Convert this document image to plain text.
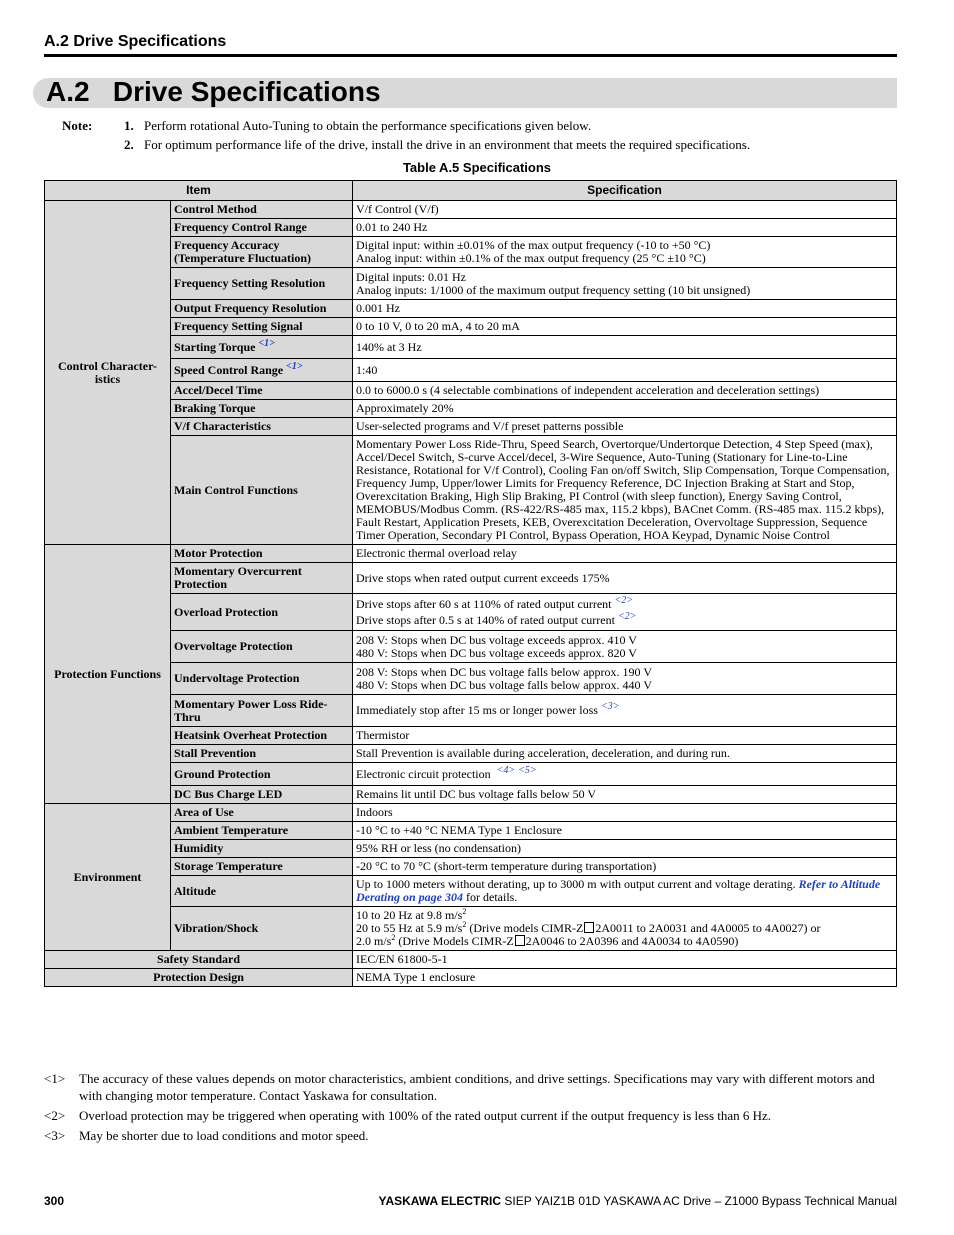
A.2 Drive Specifications
A.2   Drive Specifications
Note:	1. Perform rotational Auto-Tuning to obtain the performance specifications given below.
2. For optimum performance life of the drive, install the drive in an environment that meets the required specifications.
Table A.5 Specifications
Item		Specification
Control Character-istics	Control Method	V/f Control (V/f)
	Frequency Control Range	0.01 to 240 Hz
	Frequency Accuracy (Temperature Fluctuation)	Digital input: within ±0.01% of the max output frequency (-10 to +50 °C)
Analog input: within ±0.1% of the max output frequency (25 °C ±10 °C)

	Frequency Setting Resolution	Digital inputs: 0.01 Hz
Analog inputs: 1/1000 of the maximum output frequency setting (10 bit unsigned)

	Output Frequency Resolution	0.001 Hz
	Frequency Setting Signal	0 to 10 V, 0 to 20 mA, 4 to 20 mA
	Starting Torque $^{<1>}$	140% at 3 Hz
	Speed Control Range $^{<1>}$	1:40
	Accel/Decel Time	0.0 to 6000.0 s (4 selectable combinations of independent acceleration and deceleration settings)
	Braking Torque	Approximately 20%
	V/f Characteristics	User-selected programs and V/f preset patterns possible
	Main Control Functions	Momentary Power Loss Ride-Thru, Speed Search, Overtorque/Undertorque Detection, 4 Step Speed (max), Accel/Decel Switch, S-curve Accel/decel, 3-Wire Sequence, Auto-Tuning (Stationary for Line-to-Line Resistance, Rotational for V/f Control), Cooling Fan on/off Switch, Slip Compensation, Torque Compensation, Frequency Jump, Upper/lower Limits for Frequency Reference, DC Injection Braking at Start and Stop, Overexcitation Braking, High Slip Braking, PI Control (with sleep function), Energy Saving Control, MEMOBUS/Modbus Comm. (RS-422/RS-485 max, 115.2 kbps), BACnet Comm. (RS-485 max. 115.2 kbps), Fault Restart, Application Presets, KEB, Overexcitation Deceleration, Overvoltage Suppression, Sequence Timer Operation, Secondary PI Control, Bypass Operation, HOA Keypad, Dynamic Noise Control
Protection Functions	Motor Protection	Electronic thermal overload relay
	Momentary Overcurrent Protection	Drive stops when rated output current exceeds 175%
	Overload Protection	Drive stops after 60 s at 110% of rated output current $^{<2>}$
Drive stops after 0.5 s at 140% of rated output current $^{<2>}$

	Overvoltage Protection	208 V: Stops when DC bus voltage exceeds approx. 410 V
480 V: Stops when DC bus voltage exceeds approx. 820 V

	Undervoltage Protection	208 V: Stops when DC bus voltage falls below approx. 190 V
480 V: Stops when DC bus voltage falls below approx. 440 V

	Momentary Power Loss Ride-Thru	Immediately stop after 15 ms or longer power loss $^{<3>}$
	Heatsink Overheat Protection	Thermistor
	Stall Prevention	Stall Prevention is available during acceleration, deceleration, and during run.
	Ground Protection	Electronic circuit protection $^{<4>}$ $^{<5>}$
	DC Bus Charge LED	Remains lit until DC bus voltage falls below 50 V
Environment	Area of Use	Indoors
	Ambient Temperature	-10 °C to +40 °C NEMA Type 1 Enclosure
	Humidity	95% RH or less (no condensation)
	Storage Temperature	-20 °C to 70 °C (short-term temperature during transportation)
	Altitude	Up to 1000 meters without derating, up to 3000 m with output current and voltage derating. Refer to Altitude Derating on page 304 for details.
	Vibration/Shock	10 to 20 Hz at 9.8 $m/s^2$
20 to 55 Hz at 5.9 $m/s^2$ (Drive models CIMR-Z 2A0011 to 2A0031 and 4A0005 to 4A0027) or
2.0 $m/s^2$ (Drive Models CIMR-Z 2A0046 to 2A0396 and 4A0034 to 4A0590)

Safety Standard		IEC/EN 61800-5-1
Protection Design		NEMA Type 1 enclosure
<1>	The accuracy of these values depends on motor characteristics, ambient conditions, and drive settings. Specifications may vary with different motors and with changing motor temperature. Contact Yaskawa for consultation.
<2>	Overload protection may be triggered when operating with 100% of the rated output current if the output frequency is less than 6 Hz.
<3>	May be shorter due to load conditions and motor speed.
300	YASKAWA ELECTRIC SIEP YAIZ1B 01D YASKAWA AC Drive – Z1000 Bypass Technical Manual
